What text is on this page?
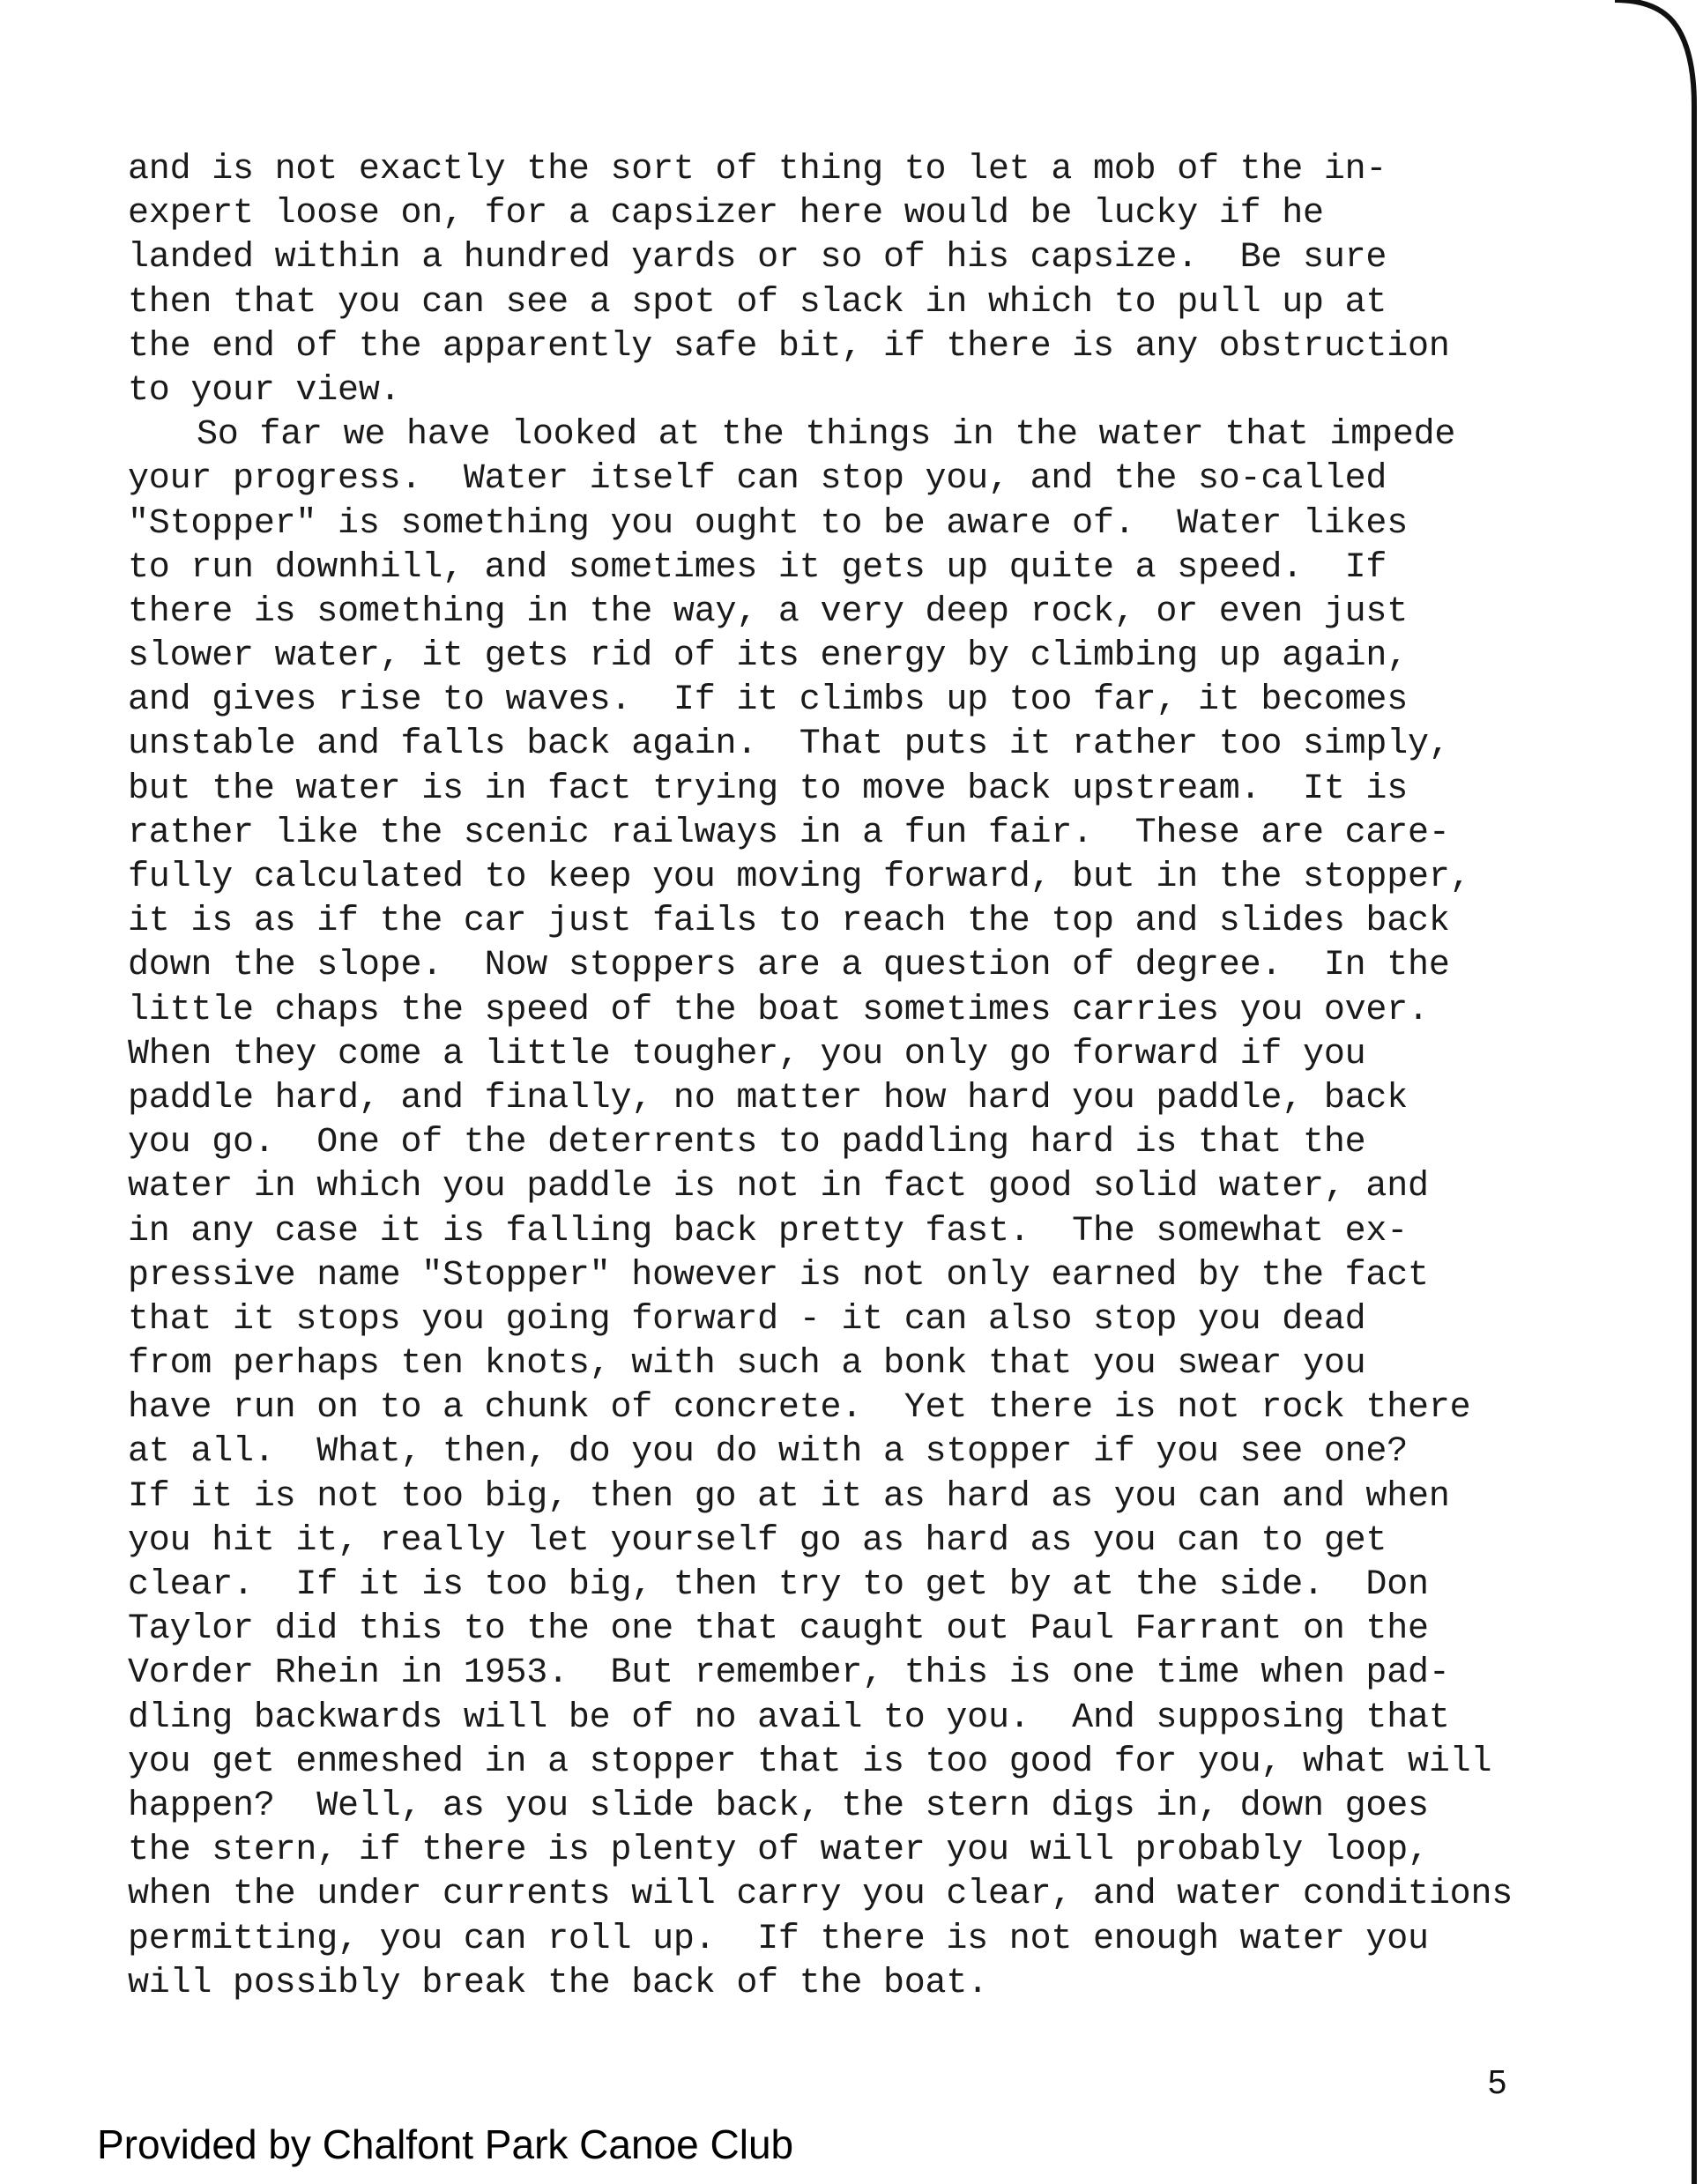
and is not exactly the sort of thing to let a mob of the in-
expert loose on, for a capsizer here would be lucky if he
landed within a hundred yards or so of his capsize.  Be sure
then that you can see a spot of slack in which to pull up at
the end of the apparently safe bit, if there is any obstruction
to your view.
So far we have looked at the things in the water that impede
your progress.  Water itself can stop you, and the so-called
"Stopper" is something you ought to be aware of.  Water likes
to run downhill, and sometimes it gets up quite a speed.  If
there is something in the way, a very deep rock, or even just
slower water, it gets rid of its energy by climbing up again,
and gives rise to waves.  If it climbs up too far, it becomes
unstable and falls back again.  That puts it rather too simply,
but the water is in fact trying to move back upstream.  It is
rather like the scenic railways in a fun fair.  These are care-
fully calculated to keep you moving forward, but in the stopper,
it is as if the car just fails to reach the top and slides back
down the slope.  Now stoppers are a question of degree.  In the
little chaps the speed of the boat sometimes carries you over.
When they come a little tougher, you only go forward if you
paddle hard, and finally, no matter how hard you paddle, back
you go.  One of the deterrents to paddling hard is that the
water in which you paddle is not in fact good solid water, and
in any case it is falling back pretty fast.  The somewhat ex-
pressive name "Stopper" however is not only earned by the fact
that it stops you going forward - it can also stop you dead
from perhaps ten knots, with such a bonk that you swear you
have run on to a chunk of concrete.  Yet there is not rock there
at all.  What, then, do you do with a stopper if you see one?
If it is not too big, then go at it as hard as you can and when
you hit it, really let yourself go as hard as you can to get
clear.  If it is too big, then try to get by at the side.  Don
Taylor did this to the one that caught out Paul Farrant on the
Vorder Rhein in 1953.  But remember, this is one time when pad-
dling backwards will be of no avail to you.  And supposing that
you get enmeshed in a stopper that is too good for you, what will
happen?  Well, as you slide back, the stern digs in, down goes
the stern, if there is plenty of water you will probably loop,
when the under currents will carry you clear, and water conditions
permitting, you can roll up.  If there is not enough water you
will possibly break the back of the boat.
5
Provided by Chalfont Park Canoe Club
